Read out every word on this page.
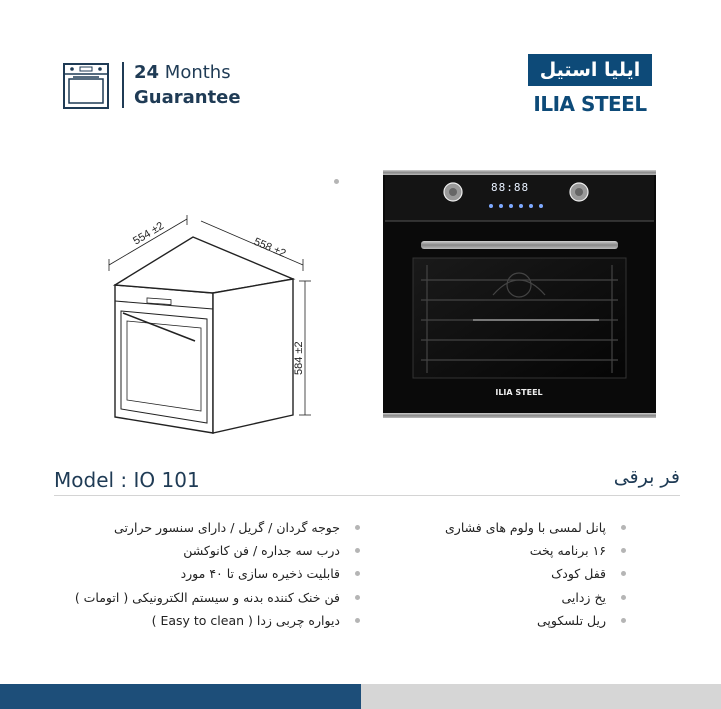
24 Months
Guarantee
ایلیا استیل
ILIA STEEL
554 ±2
558 ±2
584 ±2
88:88
ILIA STEEL
Model : IO 101	فر برقی
پانل لمسی با ولوم های فشاری
۱۶ برنامه پخت
قفل کودک
یخ زدایی
ریل تلسکوپی
جوجه گردان / گریل / دارای سنسور حرارتی
درب سه جداره / فن کانوکشن
قابلیت ذخیره سازی تا ۴۰ مورد
فن خنک کننده بدنه و سیستم الکترونیکی ( اتومات )
دیواره چربی زدا ( Easy to clean )
